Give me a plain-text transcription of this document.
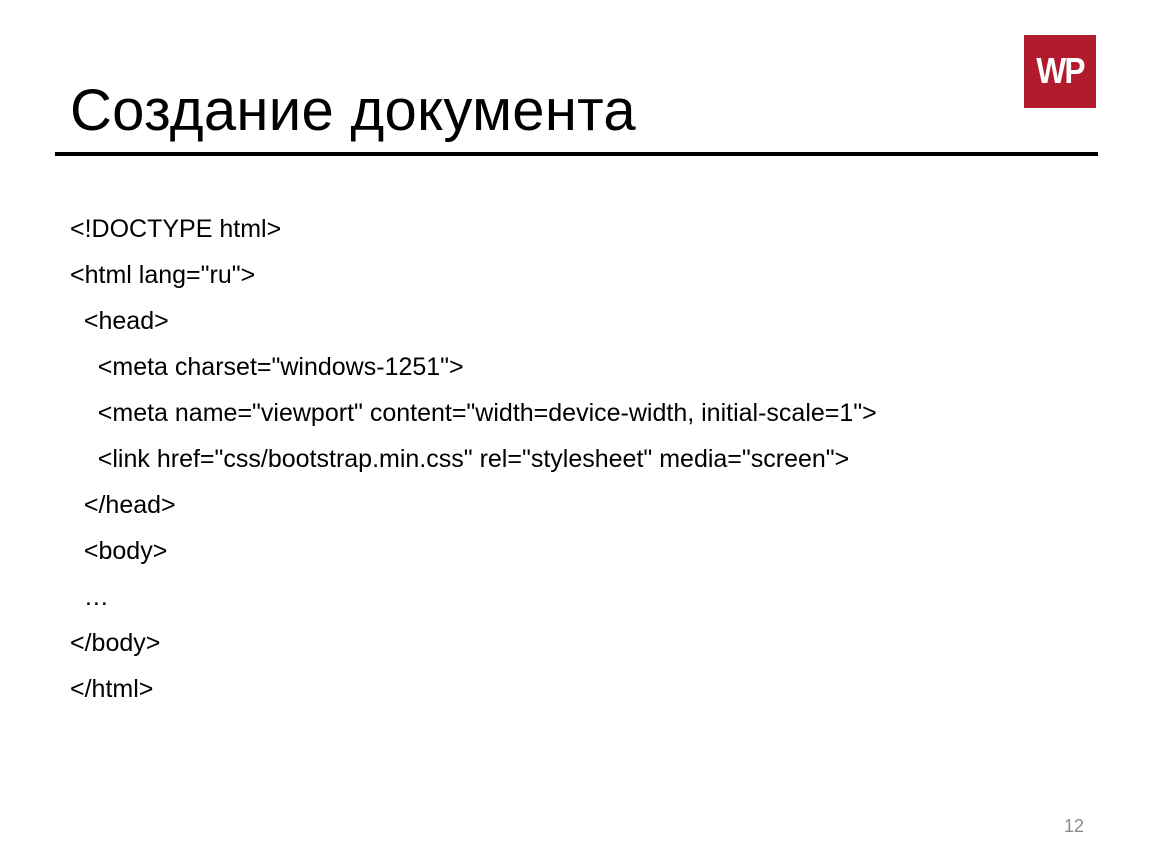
Создание документа
WP
<!DOCTYPE html>
<html lang="ru">
<head>
<meta charset="windows-1251">
<meta name="viewport" content="width=device-width, initial-scale=1">
<link href="css/bootstrap.min.css" rel="stylesheet" media="screen">
</head>
<body>
…
</body>
</html>
12
